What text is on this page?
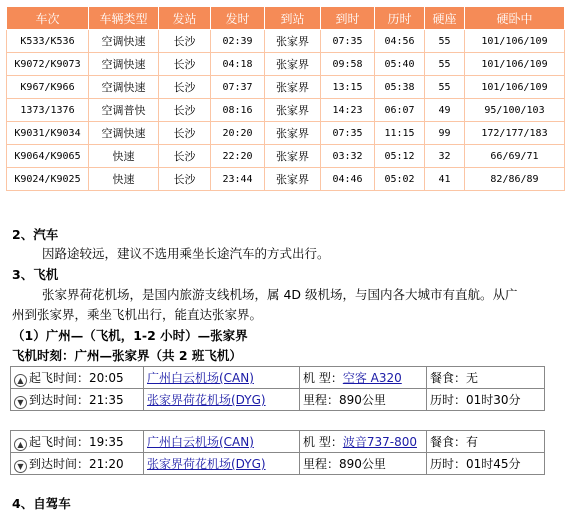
车次	车辆类型	发站	发时	到站	到时	历时	硬座	硬卧中
K533/K536	空调快速	长沙	02:39	张家界	07:35	04:56	55	101/106/109
K9072/K9073	空调快速	长沙	04:18	张家界	09:58	05:40	55	101/106/109
K967/K966	空调快速	长沙	07:37	张家界	13:15	05:38	55	101/106/109
1373/1376	空调普快	长沙	08:16	张家界	14:23	06:07	49	95/100/103
K9031/K9034	空调快速	长沙	20:20	张家界	07:35	11:15	99	172/177/183
K9064/K9065	快速	长沙	22:20	张家界	03:32	05:12	32	66/69/71
K9024/K9025	快速	长沙	23:44	张家界	04:46	05:02	41	82/86/89
2、汽车
因路途较远，建议不选用乘坐长途汽车的方式出行。
3、飞机
张家界荷花机场，是国内旅游支线机场，属 4D 级机场，与国内各大城市有直航。从广
州到张家界，乘坐飞机出行，能直达张家界。
（1）广州—（飞机，1-2 小时）—张家界
飞机时刻：广州—张家界（共 2 班飞机）
▲ 起飞时间：20:05	广州白云机场(CAN)	机 型：空客 A320	餐食：无
▼ 到达时间：21:35	张家界荷花机场(DYG)	里程：890公里	历时：01时30分
▲ 起飞时间：19:35	广州白云机场(CAN)	机 型：波音737-800	餐食：有
▼ 到达时间：21:20	张家界荷花机场(DYG)	里程：890公里	历时：01时45分
4、自驾车
